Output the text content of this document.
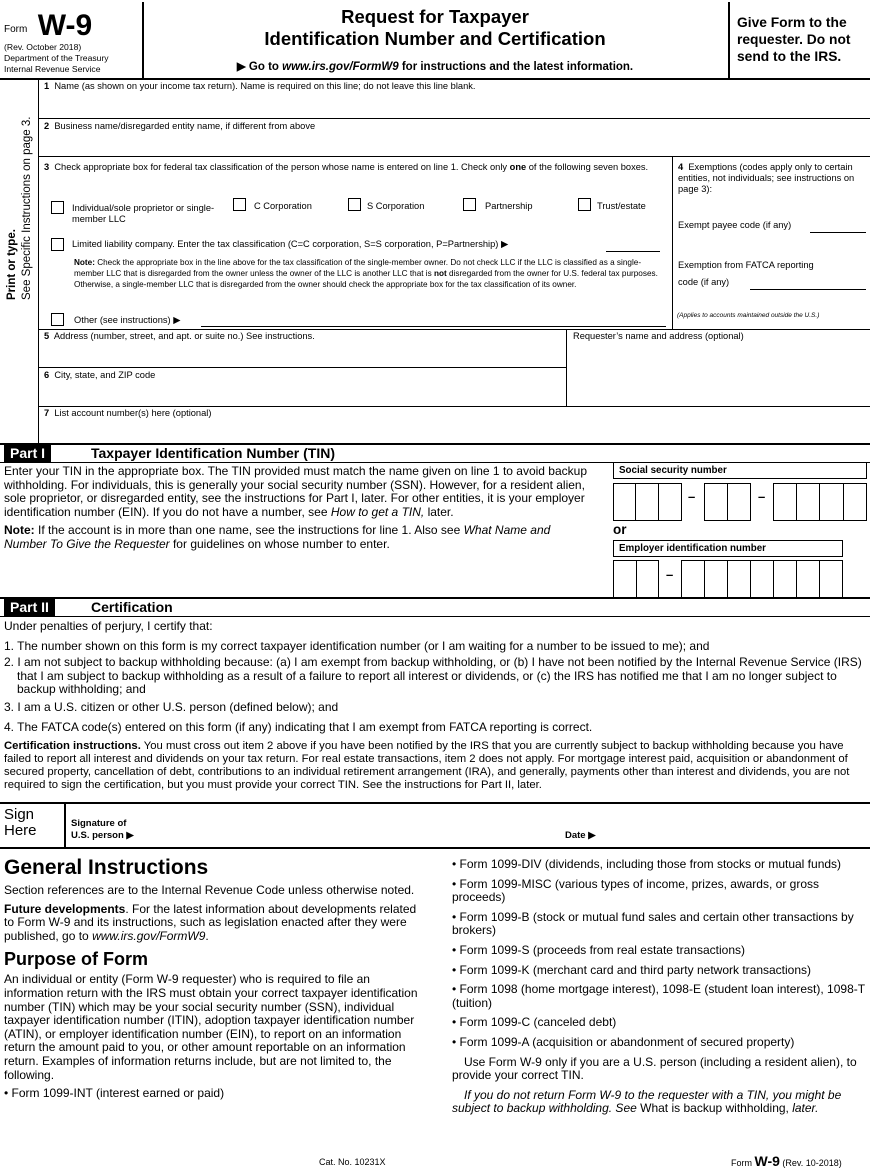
Form W-9
(Rev. October 2018)
Department of the Treasury
Internal Revenue Service
Request for Taxpayer
Identification Number and Certification
▶ Go to www.irs.gov/FormW9 for instructions and the latest information.
Give Form to the requester. Do not send to the IRS.
Print or type. See Specific Instructions on page 3.
1 Name (as shown on your income tax return). Name is required on this line; do not leave this line blank.
2 Business name/disregarded entity name, if different from above
3 Check appropriate box for federal tax classification of the person whose name is entered on line 1. Check only one of the following seven boxes.
Individual/sole proprietor or single-member LLC
C Corporation	S Corporation	Partnership	Trust/estate
Limited liability company. Enter the tax classification (C=C corporation, S=S corporation, P=Partnership) ▶
Note: Check the appropriate box in the line above for the tax classification of the single-member owner. Do not check LLC if the LLC is classified as a single-member LLC that is disregarded from the owner unless the owner of the LLC is another LLC that is not disregarded from the owner for U.S. federal tax purposes. Otherwise, a single-member LLC that is disregarded from the owner should check the appropriate box for the tax classification of its owner.
Other (see instructions) ▶
4 Exemptions (codes apply only to certain entities, not individuals; see instructions on page 3):
Exempt payee code (if any)
Exemption from FATCA reporting
code (if any)
(Applies to accounts maintained outside the U.S.)
5 Address (number, street, and apt. or suite no.) See instructions.	Requester’s name and address (optional)
6 City, state, and ZIP code
7 List account number(s) here (optional)
Part I	Taxpayer Identification Number (TIN)

Enter your TIN in the appropriate box. The TIN provided must match the name given on line 1 to avoid backup withholding. For individuals, this is generally your social security number (SSN). However, for a resident alien, sole proprietor, or disregarded entity, see the instructions for Part I, later. For other entities, it is your employer identification number (EIN). If you do not have a number, see How to get a TIN, later.

Note: If the account is in more than one name, see the instructions for line 1. Also see What Name and Number To Give the Requester for guidelines on whose number to enter.

Social security number
–	–
or
Employer identification number
–
Part II	Certification

Under penalties of perjury, I certify that:

1. The number shown on this form is my correct taxpayer identification number (or I am waiting for a number to be issued to me); and

2. I am not subject to backup withholding because: (a) I am exempt from backup withholding, or (b) I have not been notified by the Internal Revenue Service (IRS) that I am subject to backup withholding as a result of a failure to report all interest or dividends, or (c) the IRS has notified me that I am no longer subject to backup withholding; and

3. I am a U.S. citizen or other U.S. person (defined below); and

4. The FATCA code(s) entered on this form (if any) indicating that I am exempt from FATCA reporting is correct.

Certification instructions. You must cross out item 2 above if you have been notified by the IRS that you are currently subject to backup withholding because you have failed to report all interest and dividends on your tax return. For real estate transactions, item 2 does not apply. For mortgage interest paid, acquisition or abandonment of secured property, cancellation of debt, contributions to an individual retirement arrangement (IRA), and generally, payments other than interest and dividends, you are not required to sign the certification, but you must provide your correct TIN. See the instructions for Part II, later.

Sign
Here	Signature of
U.S. person ▶	Date ▶
General Instructions

Section references are to the Internal Revenue Code unless otherwise noted.

Future developments. For the latest information about developments related to Form W-9 and its instructions, such as legislation enacted after they were published, go to www.irs.gov/FormW9.

Purpose of Form

An individual or entity (Form W-9 requester) who is required to file an information return with the IRS must obtain your correct taxpayer identification number (TIN) which may be your social security number (SSN), individual taxpayer identification number (ITIN), adoption taxpayer identification number (ATIN), or employer identification number (EIN), to report on an information return the amount paid to you, or other amount reportable on an information return. Examples of information returns include, but are not limited to, the following.

• Form 1099-INT (interest earned or paid)

• Form 1099-DIV (dividends, including those from stocks or mutual funds)
• Form 1099-MISC (various types of income, prizes, awards, or gross proceeds)
• Form 1099-B (stock or mutual fund sales and certain other transactions by brokers)
• Form 1099-S (proceeds from real estate transactions)
• Form 1099-K (merchant card and third party network transactions)
• Form 1098 (home mortgage interest), 1098-E (student loan interest), 1098-T (tuition)
• Form 1099-C (canceled debt)
• Form 1099-A (acquisition or abandonment of secured property)

Use Form W-9 only if you are a U.S. person (including a resident alien), to provide your correct TIN.

If you do not return Form W-9 to the requester with a TIN, you might be subject to backup withholding. See What is backup withholding, later.

Cat. No. 10231X	Form W-9 (Rev. 10-2018)
